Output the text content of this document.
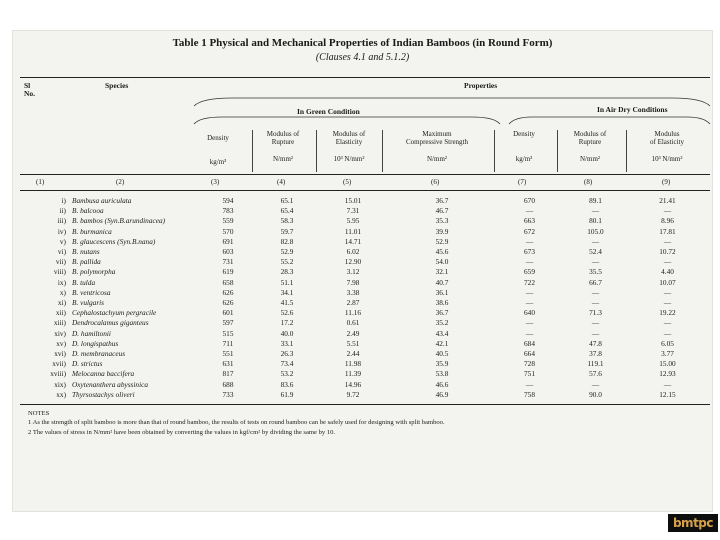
Table 1 Physical and Mechanical Properties of Indian Bamboos (in Round Form)
(Clauses 4.1 and 5.1.2)
Sl
No.
Species	Properties
In Green Condition	In Air Dry Conditions
Density	Modulus of
Rupture
Modulus of
Elasticity
Maximum
Compressive Strength
Density	Modulus of
Rupture
Modulus
of Elasticity
kg/m³	N/mm²	10³ N/mm²	N/mm²	kg/m³	N/mm²	10³ N/mm²
(1)	(2)	(3)	(4)	(5)	(6)	(7)	(8)	(9)
i)	Bambusa auriculata	594	65.1	15.01	36.7	670	89.1	21.41
ii)	B. balcooa	783	65.4	7.31	46.7	—	—	—
iii)	B. bambos (Syn.B.arundinacea)	559	58.3	5.95	35.3	663	80.1	8.96
iv)	B. burmanica	570	59.7	11.01	39.9	672	105.0	17.81
v)	B. glaucescens (Syn.B.nana)	691	82.8	14.71	52.9	—	—	—
vi)	B. nutans	603	52.9	6.02	45.6	673	52.4	10.72
vii)	B. pallida	731	55.2	12.90	54.0	—	—	—
viii)	B. polymorpha	619	28.3	3.12	32.1	659	35.5	4.40
ix)	B. tulda	658	51.1	7.98	40.7	722	66.7	10.07
x)	B. ventricosa	626	34.1	3.38	36.1	—	—	—
xi)	B. vulgaris	626	41.5	2.87	38.6	—	—	—
xii)	Cephalostachyum pergracile	601	52.6	11.16	36.7	640	71.3	19.22
xiii)	Dendrocalamus giganteus	597	17.2	0.61	35.2	—	—	—
xiv)	D. hamiltonii	515	40.0	2.49	43.4	—	—	—
xv)	D. longispathus	711	33.1	5.51	42.1	684	47.8	6.05
xvi)	D. membranaceus	551	26.3	2.44	40.5	664	37.8	3.77
xvii)	D. strictus	631	73.4	11.98	35.9	728	119.1	15.00
xviii)	Melocanna baccifera	817	53.2	11.39	53.8	751	57.6	12.93
xix)	Oxytenanthera abyssinica	688	83.6	14.96	46.6	—	—	—
xx)	Thyrsostachys oliveri	733	61.9	9.72	46.9	758	90.0	12.15
NOTES
1 As the strength of split bamboo is more than that of round bamboo, the results of tests on round bamboo can be safely used for designing with split bamboo.
2 The values of stress in N/mm² have been obtained by converting the values in kgf/cm² by dividing the same by 10.
bmtpc
